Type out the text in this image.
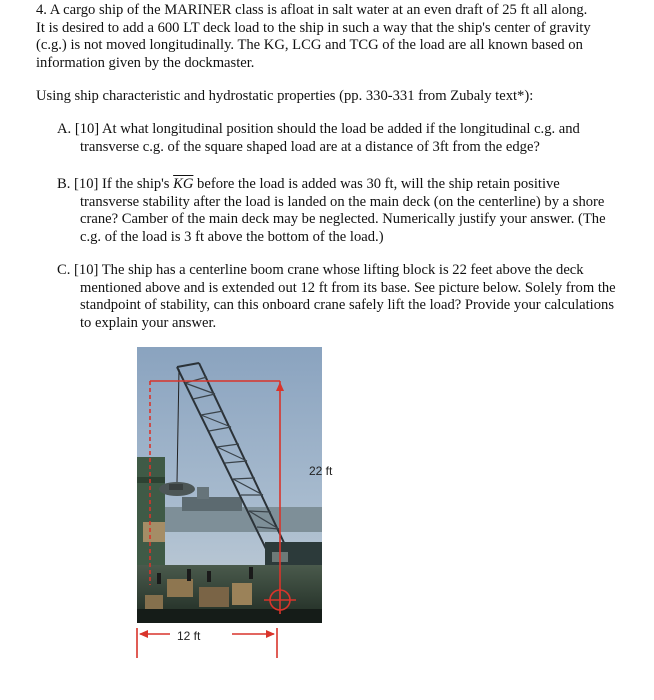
4. A cargo ship of the MARINER class is afloat in salt water at an even draft of 25 ft all along. It is desired to add a 600 LT deck load to the ship in such a way that the ship's center of gravity (c.g.) is not moved longitudinally. The KG, LCG and TCG of the load are all known based on information given by the dockmaster.
Using ship characteristic and hydrostatic properties (pp. 330-331 from Zubaly text*):
A. [10] At what longitudinal position should the load be added if the longitudinal c.g. and transverse c.g. of the square shaped load are at a distance of 3ft from the edge?
B. [10] If the ship's $\overline{KG}$ before the load is added was 30 ft, will the ship retain positive transverse stability after the load is landed on the main deck (on the centerline) by a shore crane? Camber of the main deck may be neglected. Numerically justify your answer. (The c.g. of the load is 3 ft above the bottom of the load.)
C. [10] The ship has a centerline boom crane whose lifting block is 22 feet above the deck mentioned above and is extended out 12 ft from its base. See picture below. Solely from the standpoint of stability, can this onboard crane safely lift the load? Provide your calculations to explain your answer.
22 ft
12 ft
